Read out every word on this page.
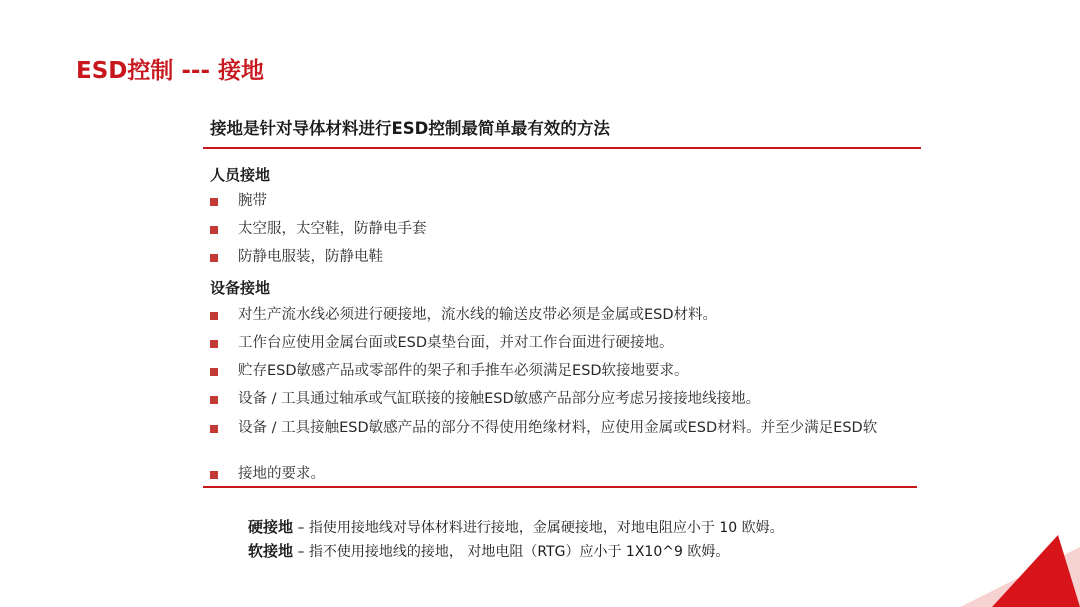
ESD控制 --- 接地
接地是针对导体材料进行ESD控制最简单最有效的方法
人员接地
腕带
太空服，太空鞋，防静电手套
防静电服装，防静电鞋
设备接地
对生产流水线必须进行硬接地，流水线的输送皮带必须是金属或ESD材料。
工作台应使用金属台面或ESD桌垫台面，并对工作台面进行硬接地。
贮存ESD敏感产品或零部件的架子和手推车必须满足ESD软接地要求。
设备 / 工具通过轴承或气缸联接的接触ESD敏感产品部分应考虑另接接地线接地。
设备 / 工具接触ESD敏感产品的部分不得使用绝缘材料，应使用金属或ESD材料。并至少满足ESD软
接地的要求。
硬接地 – 指使用接地线对导体材料进行接地，金属硬接地，对地电阻应小于 10 欧姆。
软接地 – 指不使用接地线的接地， 对地电阻（RTG）应小于 1X10^9 欧姆。
